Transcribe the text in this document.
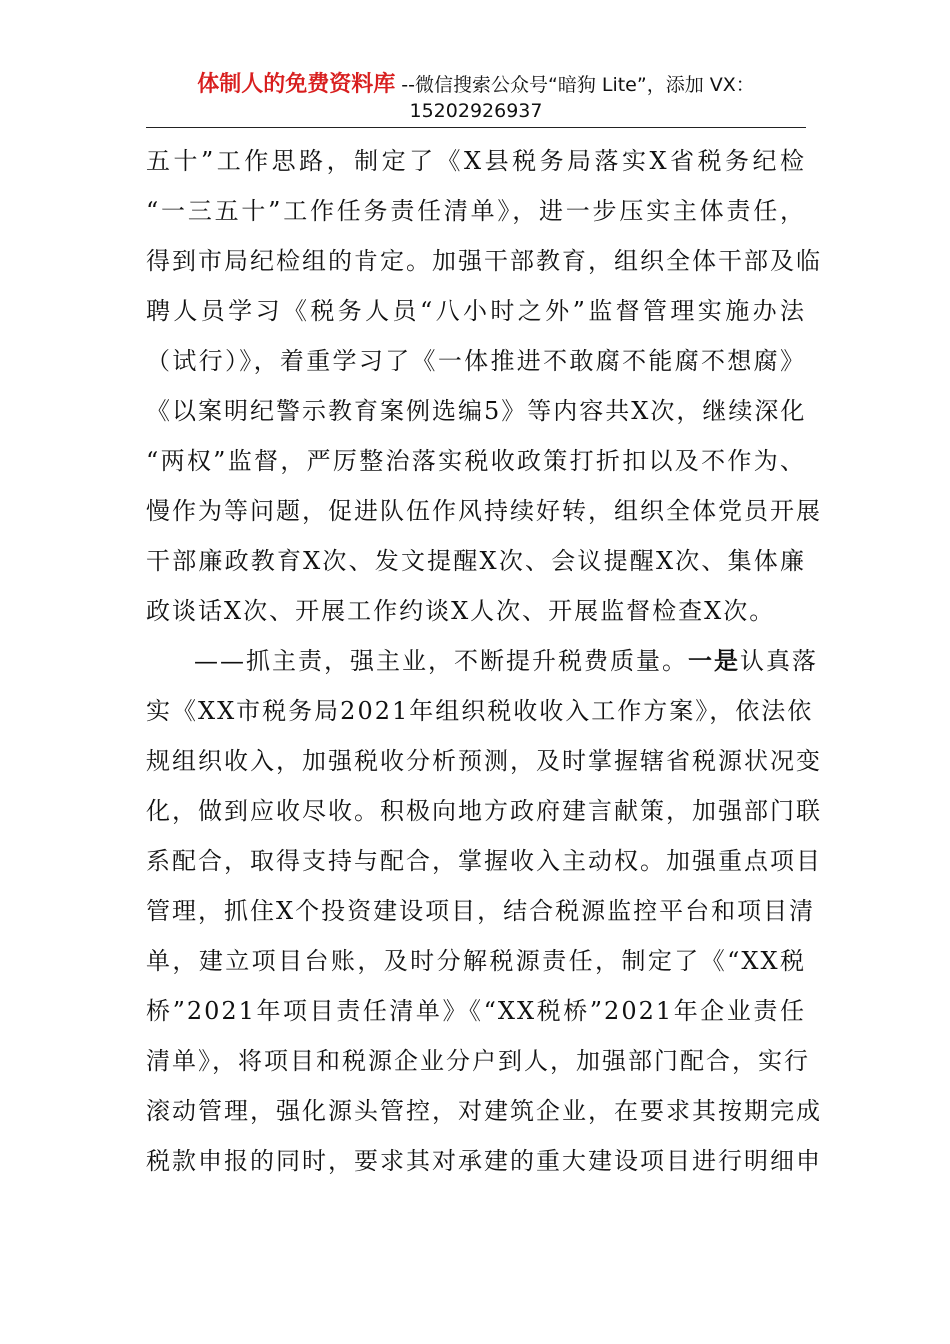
体制人的免费资料库 --微信搜索公众号“暗狗 Lite”，添加 VX：
15202926937
五十”工作思路，制定了《X县税务局落实X省税务纪检
“一三五十”工作任务责任清单》，进一步压实主体责任，
得到市局纪检组的肯定。加强干部教育，组织全体干部及临
聘人员学习《税务人员“八小时之外”监督管理实施办法
（试行）》，着重学习了《一体推进不敢腐不能腐不想腐》
《以案明纪警示教育案例选编5》等内容共X次，继续深化
“两权”监督，严厉整治落实税收政策打折扣以及不作为、
慢作为等问题，促进队伍作风持续好转，组织全体党员开展
干部廉政教育X次、发文提醒X次、会议提醒X次、集体廉
政谈话X次、开展工作约谈X人次、开展监督检查X次。
——抓主责，强主业，不断提升税费质量。一是认真落
实《XX市税务局2021年组织税收收入工作方案》，依法依
规组织收入，加强税收分析预测，及时掌握辖省税源状况变
化，做到应收尽收。积极向地方政府建言献策，加强部门联
系配合，取得支持与配合，掌握收入主动权。加强重点项目
管理，抓住X个投资建设项目，结合税源监控平台和项目清
单，建立项目台账，及时分解税源责任，制定了《“XX税
桥”2021年项目责任清单》《“XX税桥”2021年企业责任
清单》，将项目和税源企业分户到人，加强部门配合，实行
滚动管理，强化源头管控，对建筑企业，在要求其按期完成
税款申报的同时，要求其对承建的重大建设项目进行明细申
